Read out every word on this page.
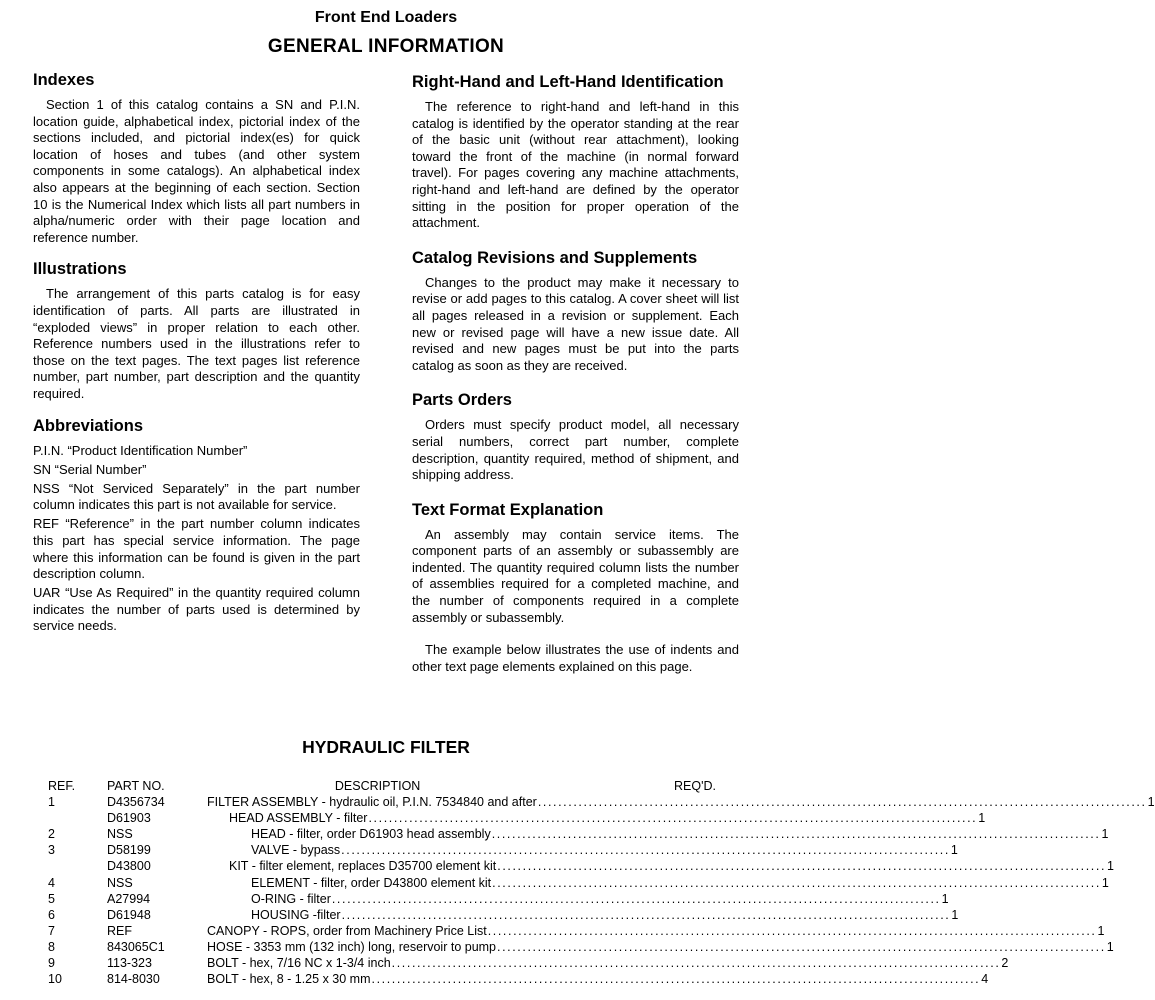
Front End Loaders
GENERAL INFORMATION
Indexes

Section 1 of this catalog contains a SN and P.I.N. location guide, alphabetical index, pictorial index of the sections included, and pictorial index(es) for quick location of hoses and tubes (and other system components in some catalogs). An alphabetical index also appears at the beginning of each section. Section 10 is the Numerical Index which lists all part numbers in alpha/numeric order with their page location and reference number.

Illustrations

The arrangement of this parts catalog is for easy identification of parts. All parts are illustrated in “exploded views” in proper relation to each other. Reference numbers used in the illustrations refer to those on the text pages. The text pages list reference number, part number, part description and the quantity required.

Abbreviations

P.I.N. “Product Identification Number”

SN “Serial Number”

NSS “Not Serviced Separately” in the part number column indicates this part is not available for service.

REF “Reference” in the part number column indicates this part has special service information. The page where this information can be found is given in the part description column.

UAR “Use As Required” in the quantity required column indicates the number of parts used is determined by service needs.

Right-Hand and Left-Hand Identification

The reference to right-hand and left-hand in this catalog is identified by the operator standing at the rear of the basic unit (without rear attachment), looking toward the front of the machine (in normal forward travel). For pages covering any machine attachments, right-hand and left-hand are defined by the operator sitting in the position for proper operation of the attachment.

Catalog Revisions and Supplements

Changes to the product may make it necessary to revise or add pages to this catalog. A cover sheet will list all pages released in a revision or supplement. Each new or revised page will have a new issue date. All revised and new pages must be put into the parts catalog as soon as they are received.

Parts Orders

Orders must specify product model, all necessary serial numbers, correct part number, complete description, quantity required, method of shipment, and shipping address.

Text Format Explanation

An assembly may contain service items. The component parts of an assembly or subassembly are indented. The quantity required column lists the number of assemblies required for a completed machine, and the number of components required in a complete assembly or subassembly.

The example below illustrates the use of indents and other text page elements explained on this page.

HYDRAULIC FILTER
REF.	PART NO.	DESCRIPTION	REQ'D.
1	D4356734	FILTER ASSEMBLY - hydraulic oil, P.I.N. 7534840 and after ........................................................................................................................ 1	

	D61903	HEAD ASSEMBLY - filter ........................................................................................................................ 1	

2	NSS	HEAD - filter, order D61903 head assembly ........................................................................................................................ 1	

3	D58199	VALVE - bypass ........................................................................................................................ 1	

	D43800	KIT - filter element, replaces D35700 element kit ........................................................................................................................ 1	

4	NSS	ELEMENT - filter, order D43800 element kit ........................................................................................................................ 1	

5	A27994	O-RING - filter ........................................................................................................................ 1	

6	D61948	HOUSING -filter ........................................................................................................................ 1	

7	REF	CANOPY - ROPS, order from Machinery Price List ........................................................................................................................ 1	

8	843065C1	HOSE - 3353 mm (132 inch) long, reservoir to pump ........................................................................................................................ 1	

9	113-323	BOLT - hex, 7/16 NC x 1-3/4 inch ........................................................................................................................ 2	

10	814-8030	BOLT - hex, 8 - 1.25 x 30 mm ........................................................................................................................ 4	
